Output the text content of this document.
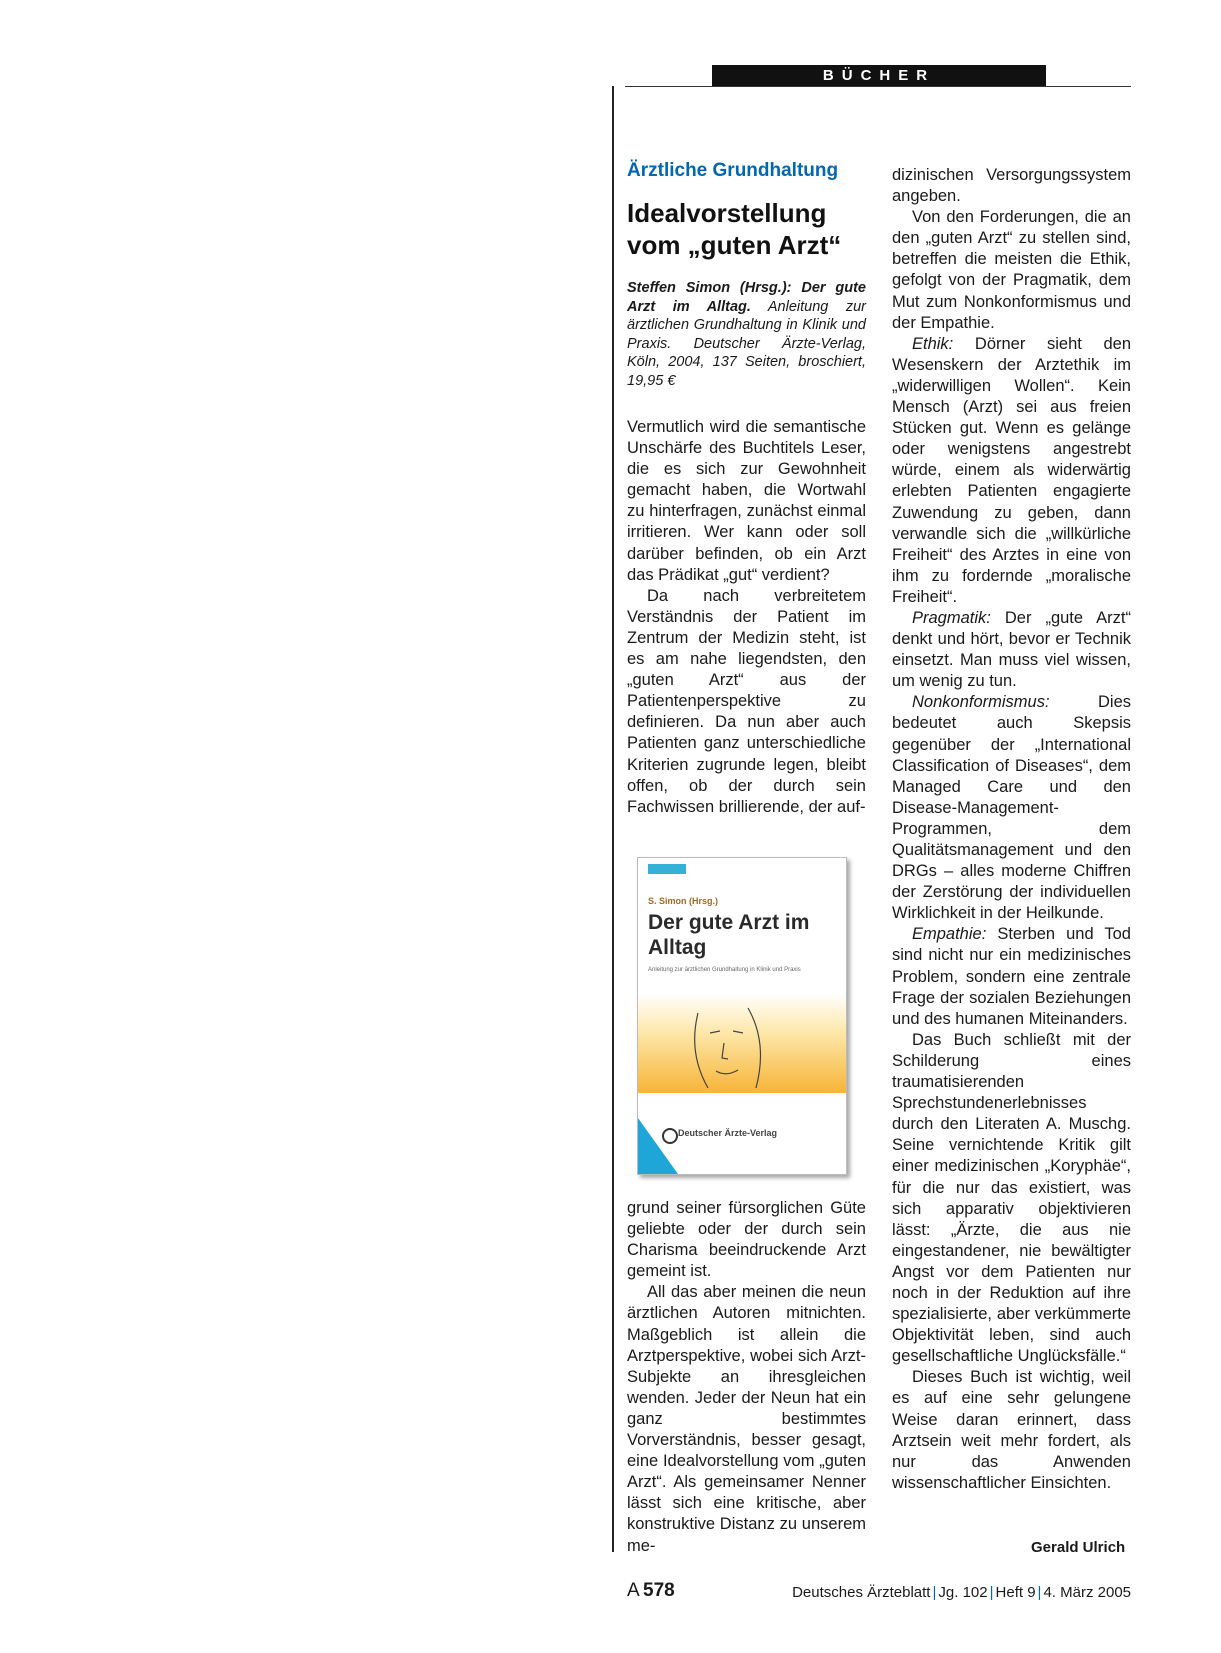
BÜCHER
Ärztliche Grundhaltung
Idealvorstellung vom „guten Arzt“
Steffen Simon (Hrsg.): Der gute Arzt im Alltag. Anleitung zur ärztlichen Grundhaltung in Klinik und Praxis. Deutscher Ärzte-Verlag, Köln, 2004, 137 Seiten, broschiert, 19,95 €

Vermutlich wird die semantische Unschärfe des Buchtitels Leser, die es sich zur Gewohnheit gemacht haben, die Wortwahl zu hinterfragen, zunächst einmal irritieren. Wer kann oder soll darüber befinden, ob ein Arzt das Prädikat „gut“ verdient?

Da nach verbreitetem Verständnis der Patient im Zentrum der Medizin steht, ist es am nahe liegendsten, den „guten Arzt“ aus der Patientenperspektive zu definieren. Da nun aber auch Patienten ganz unterschiedliche Kriterien zugrunde legen, bleibt offen, ob der durch sein Fachwissen brillierende, der auf-

S. Simon (Hrsg.)
Der gute Arzt im Alltag
Anleitung zur ärztlichen Grundhaltung in Klinik und Praxis
Deutscher Ärzte-Verlag

grund seiner fürsorglichen Güte geliebte oder der durch sein Charisma beeindruckende Arzt gemeint ist.

All das aber meinen die neun ärztlichen Autoren mitnichten. Maßgeblich ist allein die Arztperspektive, wobei sich Arzt-Subjekte an ihresgleichen wenden. Jeder der Neun hat ein ganz bestimmtes Vorverständnis, besser gesagt, eine Idealvorstellung vom „guten Arzt“. Als gemeinsamer Nenner lässt sich eine kritische, aber konstruktive Distanz zu unserem me-

dizinischen Versorgungssystem angeben.

Von den Forderungen, die an den „guten Arzt“ zu stellen sind, betreffen die meisten die Ethik, gefolgt von der Pragmatik, dem Mut zum Nonkonformismus und der Empathie.

Ethik: Dörner sieht den Wesenskern der Arztethik im „widerwilligen Wollen“. Kein Mensch (Arzt) sei aus freien Stücken gut. Wenn es gelänge oder wenigstens angestrebt würde, einem als widerwärtig erlebten Patienten engagierte Zuwendung zu geben, dann verwandle sich die „willkürliche Freiheit“ des Arztes in eine von ihm zu fordernde „moralische Freiheit“.

Pragmatik: Der „gute Arzt“ denkt und hört, bevor er Technik einsetzt. Man muss viel wissen, um wenig zu tun.

Nonkonformismus: Dies bedeutet auch Skepsis gegenüber der „International Classification of Diseases“, dem Managed Care und den Disease-Management-Programmen, dem Qualitätsmanagement und den DRGs – alles moderne Chiffren der Zerstörung der individuellen Wirklichkeit in der Heilkunde.

Empathie: Sterben und Tod sind nicht nur ein medizinisches Problem, sondern eine zentrale Frage der sozialen Beziehungen und des humanen Miteinanders.

Das Buch schließt mit der Schilderung eines traumatisierenden Sprechstundenerlebnisses durch den Literaten A. Muschg. Seine vernichtende Kritik gilt einer medizinischen „Koryphäe“, für die nur das existiert, was sich apparativ objektivieren lässt: „Ärzte, die aus nie eingestandener, nie bewältigter Angst vor dem Patienten nur noch in der Reduktion auf ihre spezialisierte, aber verkümmerte Objektivität leben, sind auch gesellschaftliche Unglücksfälle.“

Dieses Buch ist wichtig, weil es auf eine sehr gelungene Weise daran erinnert, dass Arztsein weit mehr fordert, als nur das Anwenden wissenschaftlicher Einsichten.

Gerald Ulrich
A 578	Deutsches Ärzteblatt | Jg. 102 | Heft 9 | 4. März 2005
